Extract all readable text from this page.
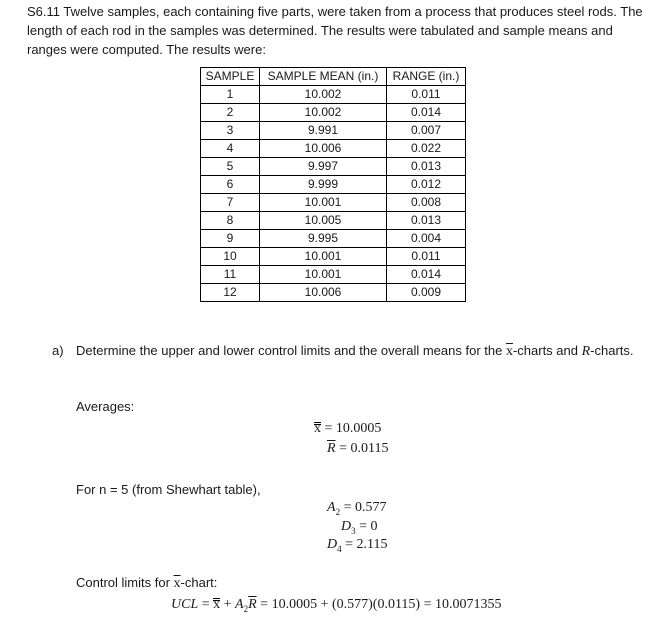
S6.11 Twelve samples, each containing five parts, were taken from a process that produces steel rods. The length of each rod in the samples was determined. The results were tabulated and sample means and ranges were computed. The results were:
SAMPLE	SAMPLE MEAN (in.)	RANGE (in.)
1	10.002	0.011
2	10.002	0.014
3	9.991	0.007
4	10.006	0.022
5	9.997	0.013
6	9.999	0.012
7	10.001	0.008
8	10.005	0.013
9	9.995	0.004
10	10.001	0.011
11	10.001	0.014
12	10.006	0.009
a) Determine the upper and lower control limits and the overall means for the $\overline{x}$-charts and R-charts.
Averages:
x = 10.0005
$\overline{R} = 0.0115$
For n = 5 (from Shewhart table),
$A_2 = 0.577$
$D_3 = 0$
$D_4 = 2.115$
Control limits for $\overline{x}$-chart:
UCL = $x + A_2\overline{R} = 10.0005 + (0.577)(0.0115) = 10.0071355$
